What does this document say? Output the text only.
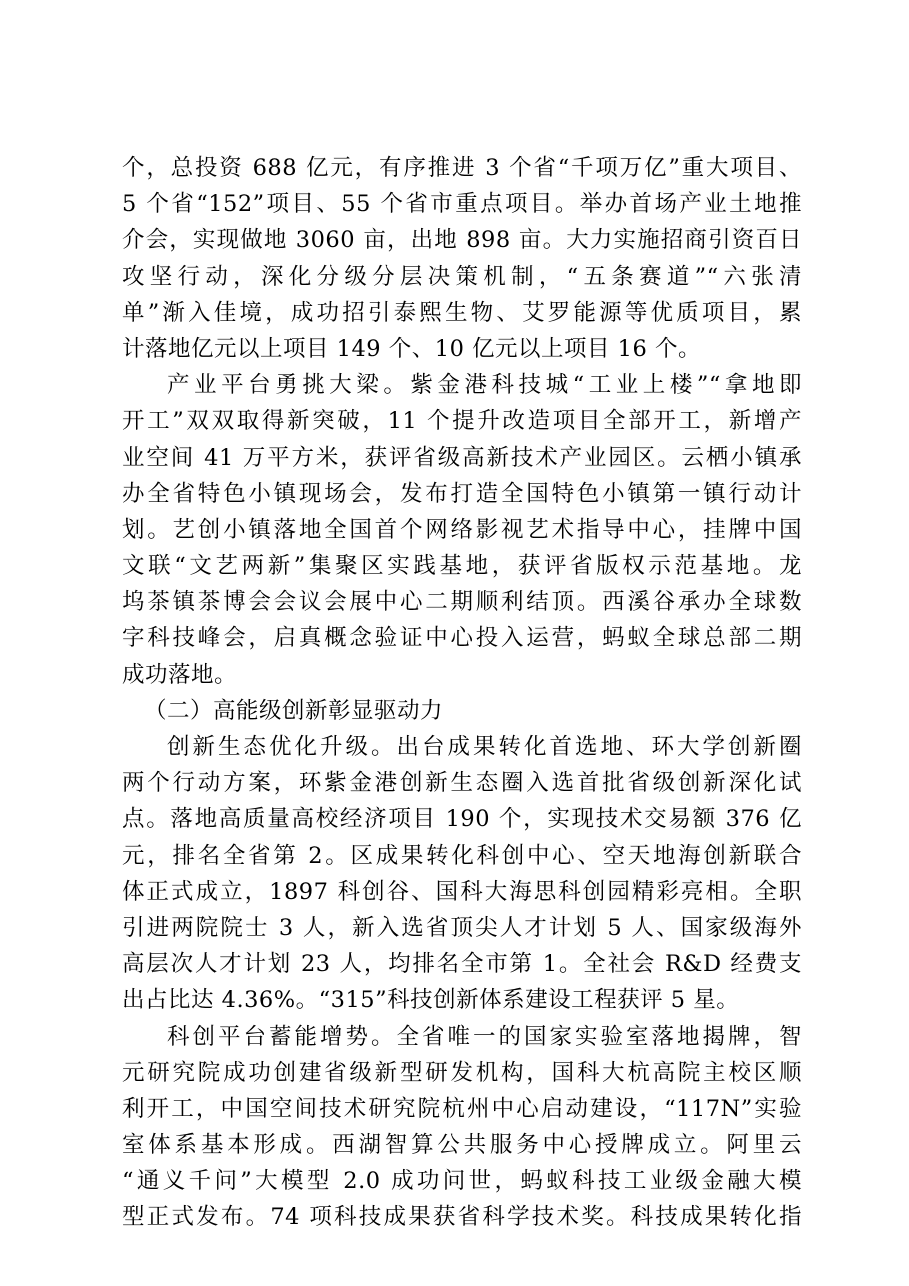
个，总投资 688 亿元，有序推进 3 个省“千项万亿”重大项目、
5 个省“152”项目、55 个省市重点项目。举办首场产业土地推
介会，实现做地 3060 亩，出地 898 亩。大力实施招商引资百日
攻坚行动，深化分级分层决策机制，“五条赛道”“六张清
单”渐入佳境，成功招引泰熙生物、艾罗能源等优质项目，累
计落地亿元以上项目 149 个、10 亿元以上项目 16 个。
产业平台勇挑大梁。紫金港科技城“工业上楼”“拿地即
开工”双双取得新突破，11 个提升改造项目全部开工，新增产
业空间 41 万平方米，获评省级高新技术产业园区。云栖小镇承
办全省特色小镇现场会，发布打造全国特色小镇第一镇行动计
划。艺创小镇落地全国首个网络影视艺术指导中心，挂牌中国
文联“文艺两新”集聚区实践基地，获评省版权示范基地。龙
坞茶镇茶博会会议会展中心二期顺利结顶。西溪谷承办全球数
字科技峰会，启真概念验证中心投入运营，蚂蚁全球总部二期
成功落地。
（二）高能级创新彰显驱动力
创新生态优化升级。出台成果转化首选地、环大学创新圈
两个行动方案，环紫金港创新生态圈入选首批省级创新深化试
点。落地高质量高校经济项目 190 个，实现技术交易额 376 亿
元，排名全省第 2。区成果转化科创中心、空天地海创新联合
体正式成立，1897 科创谷、国科大海思科创园精彩亮相。全职
引进两院院士 3 人，新入选省顶尖人才计划 5 人、国家级海外
高层次人才计划 23 人，均排名全市第 1。全社会 R&D 经费支
出占比达 4.36%。“315”科技创新体系建设工程获评 5 星。
科创平台蓄能增势。全省唯一的国家实验室落地揭牌，智
元研究院成功创建省级新型研发机构，国科大杭高院主校区顺
利开工，中国空间技术研究院杭州中心启动建设，“117N”实验
室体系基本形成。西湖智算公共服务中心授牌成立。阿里云
“通义千问”大模型 2.0 成功问世，蚂蚁科技工业级金融大模
型正式发布。74 项科技成果获省科学技术奖。科技成果转化指
